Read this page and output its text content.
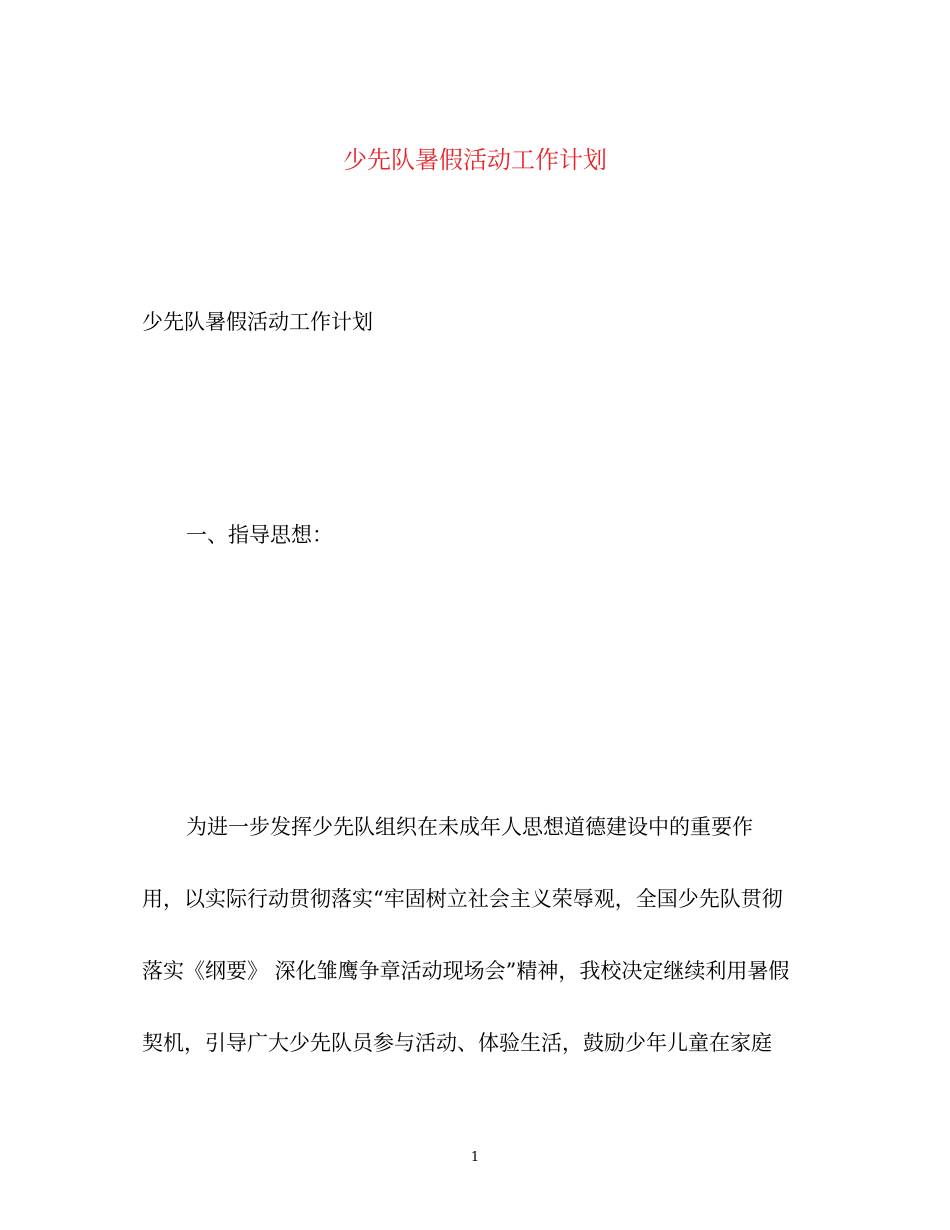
少先队暑假活动工作计划
少先队暑假活动工作计划
一、指导思想：
为进一步发挥少先队组织在未成年人思想道德建设中的重要作
用，以实际行动贯彻落实“牢固树立社会主义荣辱观，全国少先队贯彻
落实《纲要》 深化雏鹰争章活动现场会”精神，我校决定继续利用暑假
契机，引导广大少先队员参与活动、体验生活，鼓励少年儿童在家庭
1
